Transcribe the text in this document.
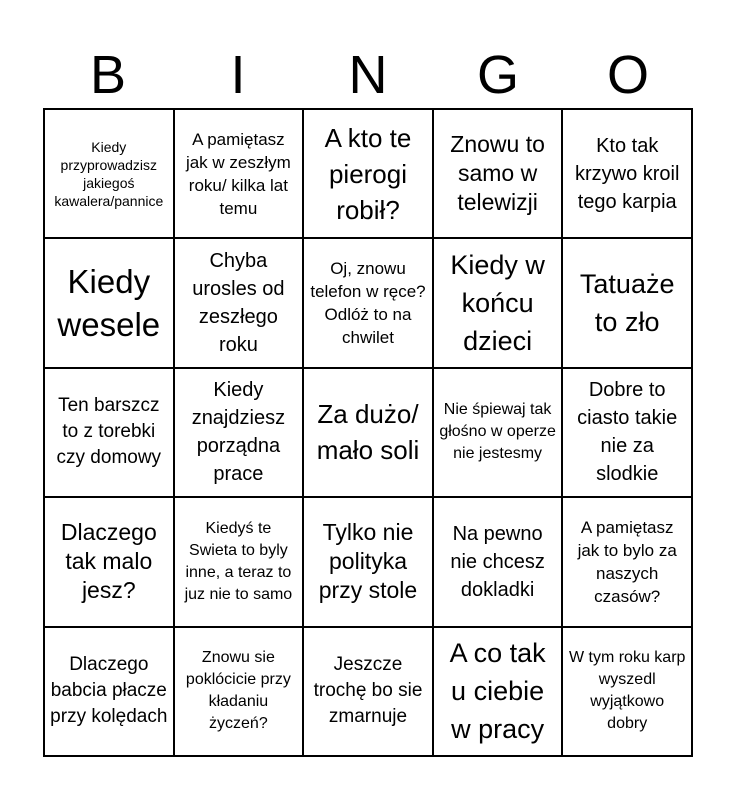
B	I	N	G	O
Kiedy przyprowadzisz jakiegoś kawalera/pannice
A pamiętasz jak w zeszłym roku/ kilka lat temu
A kto te pierogi robił?
Znowu to samo w telewizji
Kto tak krzywo kroil tego karpia
Kiedy wesele
Chyba urosles od zeszłego roku
Oj, znowu telefon w ręce? Odlóż to na chwilet
Kiedy w końcu dzieci
Tatuaże to zło
Ten barszcz to z torebki czy domowy
Kiedy znajdziesz porządna prace
Za dużo/ mało soli
Nie śpiewaj tak głośno w operze nie jestesmy
Dobre to ciasto takie nie za slodkie
Dlaczego tak malo jesz?
Kiedyś te Swieta to byly inne, a teraz to juz nie to samo
Tylko nie polityka przy stole
Na pewno nie chcesz dokladki
A pamiętasz jak to bylo za naszych czasów?
Dlaczego babcia płacze przy kolędach
Znowu sie poklócicie przy kładaniu życzeń?
Jeszcze trochę bo sie zmarnuje
A co tak u ciebie w pracy
W tym roku karp wyszedl wyjątkowo dobry
